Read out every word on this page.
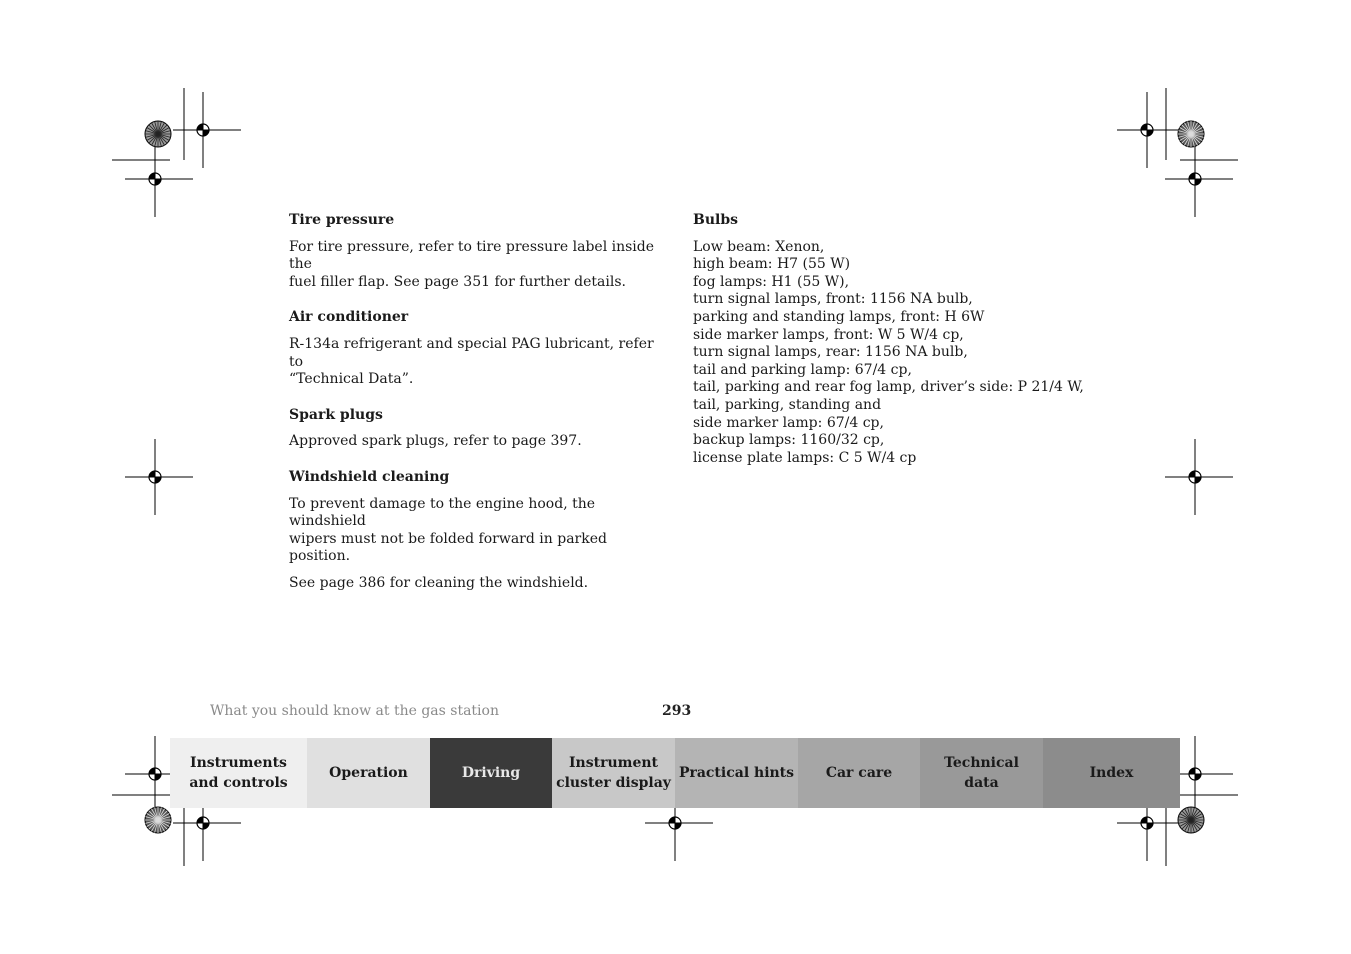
Tire pressure
For tire pressure, refer to tire pressure label inside the
fuel filler flap. See page 351 for further details.
Air conditioner
R-134a refrigerant and special PAG lubricant, refer to
“Technical Data”.
Spark plugs
Approved spark plugs, refer to page 397.
Windshield cleaning
To prevent damage to the engine hood, the windshield
wipers must not be folded forward in parked position.
See page 386 for cleaning the windshield.
Bulbs
Low beam: Xenon,
high beam: H7 (55 W)
fog lamps: H1 (55 W),
turn signal lamps, front: 1156 NA bulb,
parking and standing lamps, front: H 6W
side marker lamps, front: W 5 W/4 cp,
turn signal lamps, rear: 1156 NA bulb,
tail and parking lamp: 67/4 cp,
tail, parking and rear fog lamp, driver’s side: P 21/4 W,
tail, parking, standing and
side marker lamp: 67/4 cp,
backup lamps: 1160/32 cp,
license plate lamps: C 5 W/4 cp
What you should know at the gas station	293
Instruments
and controls
Operation	Driving
Instrument
cluster display
Practical hints Car care
Technical
data
Index
